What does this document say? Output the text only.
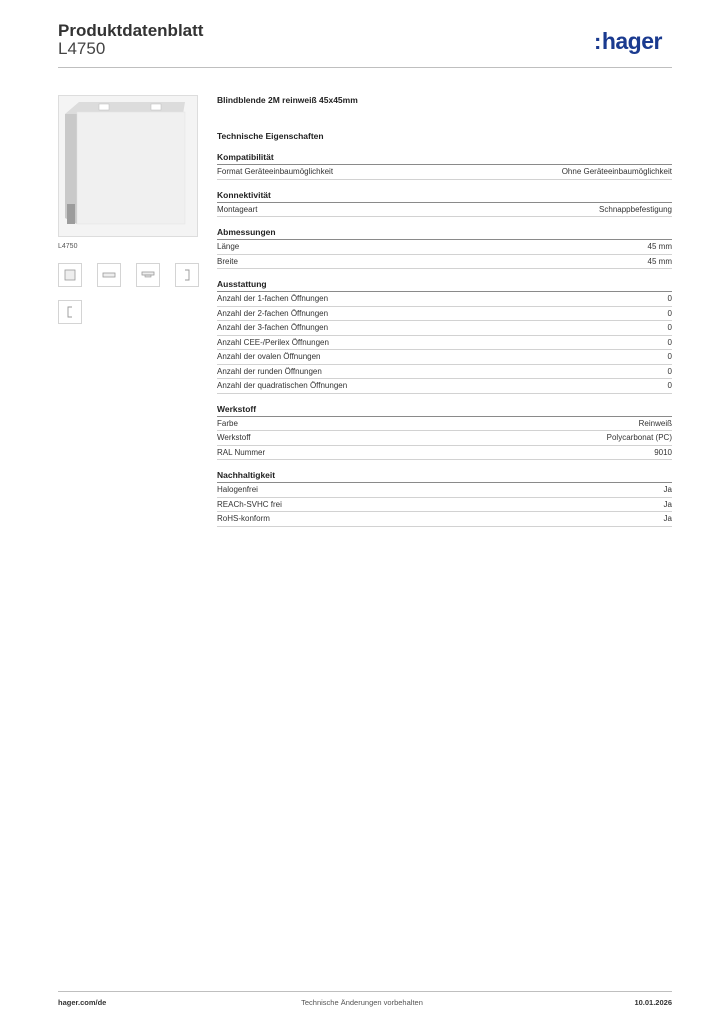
Produktdatenblatt
L4750	:hager
L4750
Blindblende 2M reinweiß 45x45mm
Technische Eigenschaften
Kompatibilität
Format Geräteeinbaumöglichkeit	Ohne Geräteeinbaumöglichkeit
Konnektivität
Montageart	Schnappbefestigung
Abmessungen
Länge	45 mm
Breite	45 mm
Ausstattung
Anzahl der 1-fachen Öffnungen	0
Anzahl der 2-fachen Öffnungen	0
Anzahl der 3-fachen Öffnungen	0
Anzahl CEE-/Perilex Öffnungen	0
Anzahl der ovalen Öffnungen	0
Anzahl der runden Öffnungen	0
Anzahl der quadratischen Öffnungen	0
Werkstoff
Farbe	Reinweiß
Werkstoff	Polycarbonat (PC)
RAL Nummer	9010
Nachhaltigkeit
Halogenfrei	Ja
REACh-SVHC frei	Ja
RoHS-konform	Ja
hager.com/de	Technische Änderungen vorbehalten	10.01.2026
